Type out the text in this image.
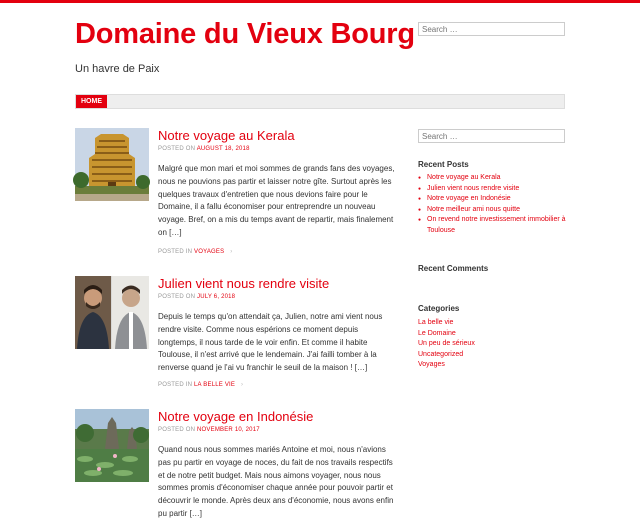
Domaine du Vieux Bourg
Un havre de Paix
Search …
HOME
Notre voyage au Kerala
POSTED ON AUGUST 18, 2018
Malgré que mon mari et moi sommes de grands fans des voyages, nous ne pouvions pas partir et laisser notre gîte. Surtout après les quelques travaux d'entretien que nous devions faire pour le Domaine, il a fallu économiser pour entreprendre un nouveau voyage. Bref, on a mis du temps avant de repartir, mais finalement on […]
POSTED IN VOYAGES ›
Julien vient nous rendre visite
POSTED ON JULY 6, 2018
Depuis le temps qu'on attendait ça, Julien, notre ami vient nous rendre visite. Comme nous espérions ce moment depuis longtemps, il nous tarde de le voir enfin. Et comme il habite Toulouse, il n'est arrivé que le lendemain. J'ai failli tomber à la renverse quand je l'ai vu franchir le seuil de la maison ! […]
POSTED IN LA BELLE VIE ›
Notre voyage en Indonésie
POSTED ON NOVEMBER 10, 2017
Quand nous nous sommes mariés Antoine et moi, nous n'avions pas pu partir en voyage de noces, du fait de nos travails respectifs et de notre petit budget. Mais nous aimons voyager, nous nous sommes promis d'économiser chaque année pour pouvoir partir et découvrir le monde. Après deux ans d'économie, nous avons enfin pu partir […]
Search …
Recent Posts
● Notre voyage au Kerala
● Julien vient nous rendre visite
● Notre voyage en Indonésie
● Notre meilleur ami nous quitte
● On revend notre investissement immobilier à Toulouse
Recent Comments
Categories
La belle vie
Le Domaine
Un peu de sérieux
Uncategorized
Voyages
